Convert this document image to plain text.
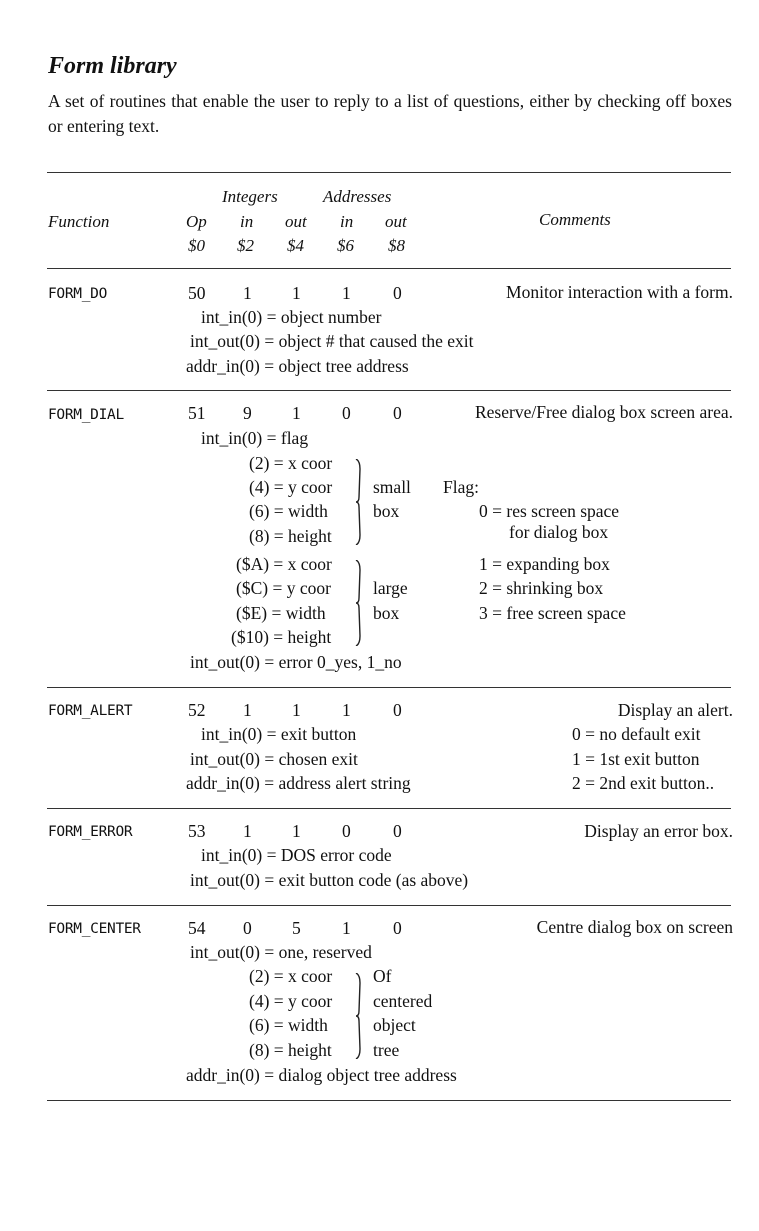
Form library
A set of routines that enable the user to reply to a list of questions, either by checking off boxes or entering text.
Integers	Addresses
Function	Op in out in out	Comments
$0 $2 $4 $6 $8
FORM_DO	50 1 1 1 0	Monitor interaction with a form.
int_in(0) = object number
int_out(0) = object # that caused the exit
addr_in(0) = object tree address
FORM_DIAL	51 9 1 0 0	Reserve/Free dialog box screen area.
int_in(0) = flag
(2) = x coor
(4) = y coor
(6) = width
(8) = height
small
box
($A) = x coor
($C) = y coor
($E) = width
($10) = height
large
box
Flag:
0 = res screen space
for dialog box
1 = expanding box
2 = shrinking box
3 = free screen space
int_out(0) = error 0_yes, 1_no
FORM_ALERT	52 1 1 1 0	Display an alert.
int_in(0) = exit button
int_out(0) = chosen exit
addr_in(0) = address alert string
0 = no default exit
1 = 1st exit button
2 = 2nd exit button..
FORM_ERROR	53 1 1 0 0	Display an error box.
int_in(0) = DOS error code
int_out(0) = exit button code (as above)
FORM_CENTER	54 0 5 1 0	Centre dialog box on screen
int_out(0) = one, reserved
(2) = x coor
(4) = y coor
(6) = width
(8) = height
Of
centered
object
tree
addr_in(0) = dialog object tree address
